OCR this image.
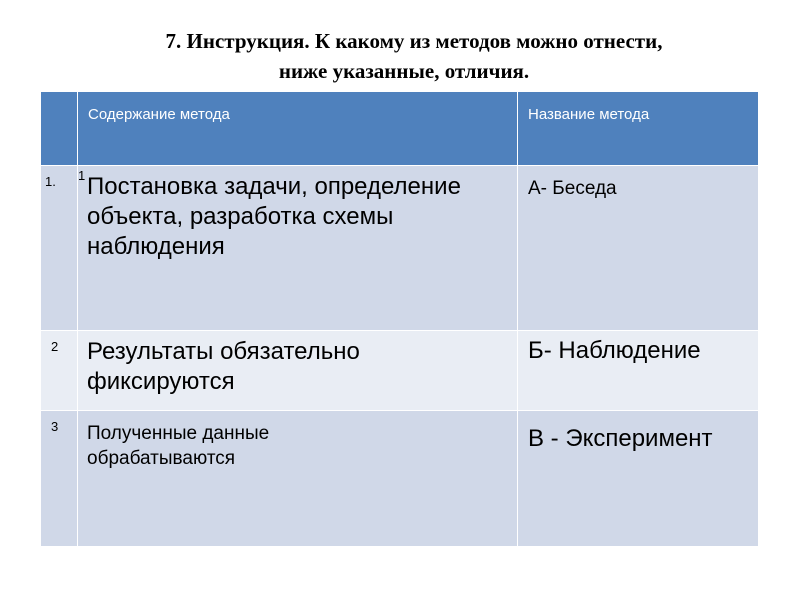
7. Инструкция. К какому из методов можно отнести,
ниже указанные, отличия.
	Содержание метода	Название метода

1.	1 Постановка задачи, определение объекта, разработка схемы наблюдения	А- Беседа

2	Результаты обязательно фиксируются	Б- Наблюдение

3	Полученные данные обрабатываются	В - Эксперимент
